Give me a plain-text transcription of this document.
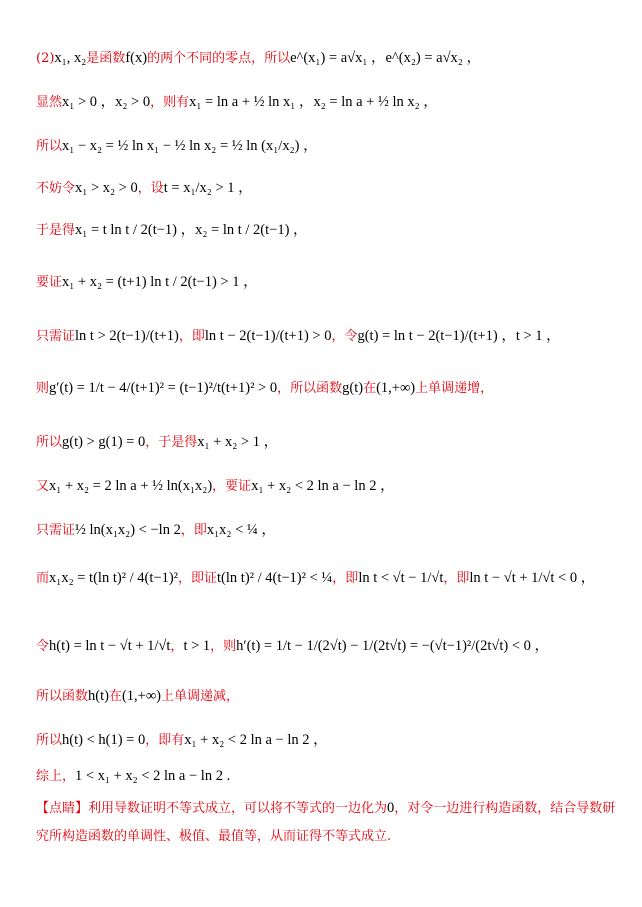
(2) x₁, x₂ 是函数 f(x) 的两个不同的零点，所以 e^(x₁) = a√x₁ ，e^(x₂) = a√x₂ ，
显然 x₁ > 0 ，x₂ > 0 ，则有 x₁ = ln a + ½ ln x₁ ，x₂ = ln a + ½ ln x₂ ，
所以 x₁ − x₂ = ½ ln x₁ − ½ ln x₂ = ½ ln (x₁/x₂) ，
不妨令 x₁ > x₂ > 0 ，设 t = x₁/x₂ > 1 ，
于是得 x₁ = t ln t / 2(t−1) ，x₂ = ln t / 2(t−1) ，
要证 x₁ + x₂ = (t+1) ln t / 2(t−1) > 1 ，
只需证 ln t > 2(t−1)/(t+1) ，即 ln t − 2(t−1)/(t+1) > 0 ，令 g(t) = ln t − 2(t−1)/(t+1) ，t > 1 ，
则 g′(t) = 1/t − 4/(t+1)² = (t−1)²/t(t+1)² > 0 ，所以函数 g(t) 在 (1,+∞) 上单调递增，
所以 g(t) > g(1) = 0 ，于是得 x₁ + x₂ > 1 ，
又 x₁ + x₂ = 2 ln a + ½ ln(x₁x₂) ，要证 x₁ + x₂ < 2 ln a − ln 2 ，
只需证 ½ ln(x₁x₂) < −ln 2 ，即 x₁x₂ < ¼ ，
而 x₁x₂ = t(ln t)² / 4(t−1)² ，即证 t(ln t)² / 4(t−1)² < ¼ ，即 ln t < √t − 1/√t ，即 ln t − √t + 1/√t < 0 ，
令 h(t) = ln t − √t + 1/√t ， t > 1 ，则 h′(t) = 1/t − 1/(2√t) − 1/(2t√t) = −(√t−1)²/(2t√t) < 0 ，
所以函数 h(t) 在 (1,+∞) 上单调递减，
所以 h(t) < h(1) = 0 ，即有 x₁ + x₂ < 2 ln a − ln 2 ，
综上， 1 < x₁ + x₂ < 2 ln a − ln 2 .
【点睛】利用导数证明不等式成立，可以将不等式的一边化为0，对令一边进行构造函数，结合导数研究所构造函数的单调性、极值、最值等，从而证得不等式成立.
